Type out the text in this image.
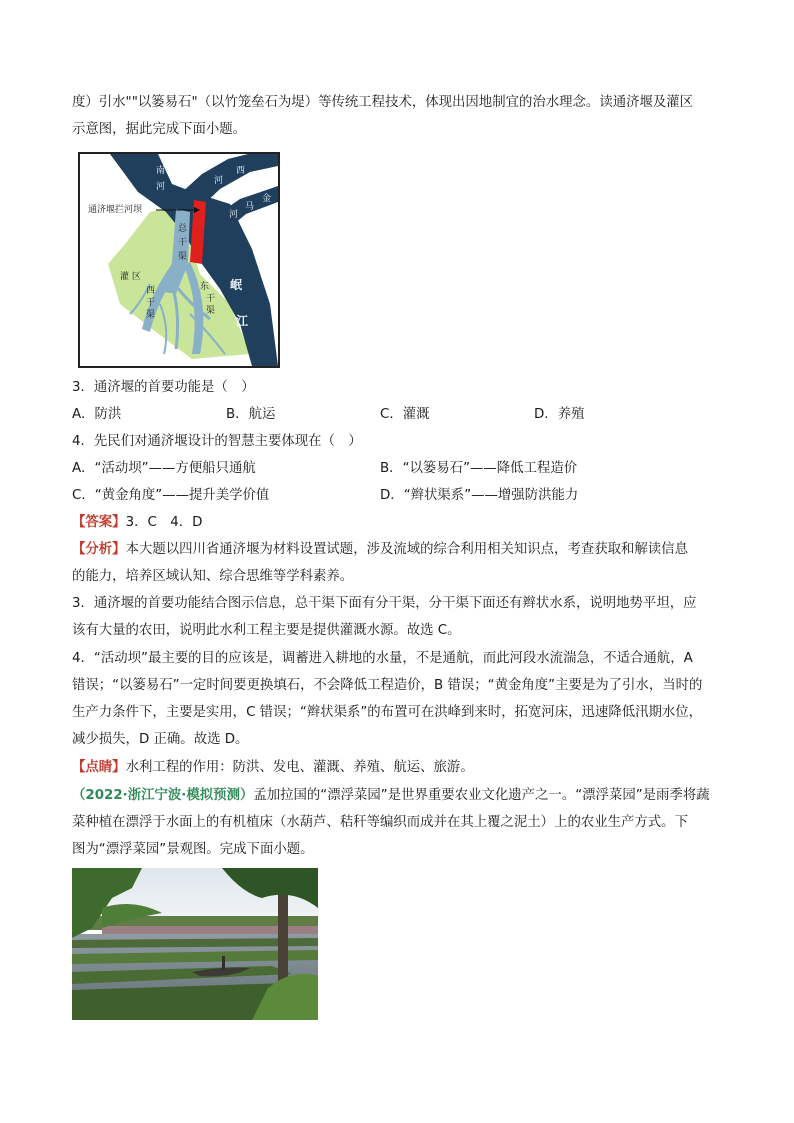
度）引水""以篓易石"（以竹笼垒石为堤）等传统工程技术，体现出因地制宜的治水理念。读通济堰及灌区
示意图，据此完成下面小题。
通济堰拦河坝
南
河
河
西
金
马
河
总
干
渠
灌 区
西
干
渠
东
干
渠
岷
江
3．通济堰的首要功能是（　）
A．防洪	B．航运	C．灌溉	D．养殖
4．先民们对通济堰设计的智慧主要体现在（　）
A．“活动坝”——方便船只通航	B．“以篓易石”——降低工程造价
C．“黄金角度”——提升美学价值	D．“辫状渠系”——增强防洪能力
【答案】3．C　4．D
【分析】本大题以四川省通济堰为材料设置试题，涉及流域的综合利用相关知识点，考查获取和解读信息
的能力，培养区域认知、综合思维等学科素养。
3．通济堰的首要功能结合图示信息，总干渠下面有分干渠，分干渠下面还有辫状水系，说明地势平坦，应
该有大量的农田，说明此水利工程主要是提供灌溉水源。故选 C。
4．“活动坝”最主要的目的应该是，调蓄进入耕地的水量，不是通航，而此河段水流湍急，不适合通航，A
错误；“以篓易石”一定时间要更换填石，不会降低工程造价，B 错误；“黄金角度”主要是为了引水，当时的
生产力条件下，主要是实用，C 错误；“辫状渠系”的布置可在洪峰到来时，拓宽河床，迅速降低汛期水位，
减少损失，D 正确。故选 D。
【点睛】水利工程的作用：防洪、发电、灌溉、养殖、航运、旅游。
（2022·浙江宁波·模拟预测）孟加拉国的“漂浮菜园”是世界重要农业文化遗产之一。“漂浮菜园”是雨季将蔬
菜种植在漂浮于水面上的有机植床（水葫芦、秸秆等编织而成并在其上覆之泥土）上的农业生产方式。下
图为“漂浮菜园”景观图。完成下面小题。
